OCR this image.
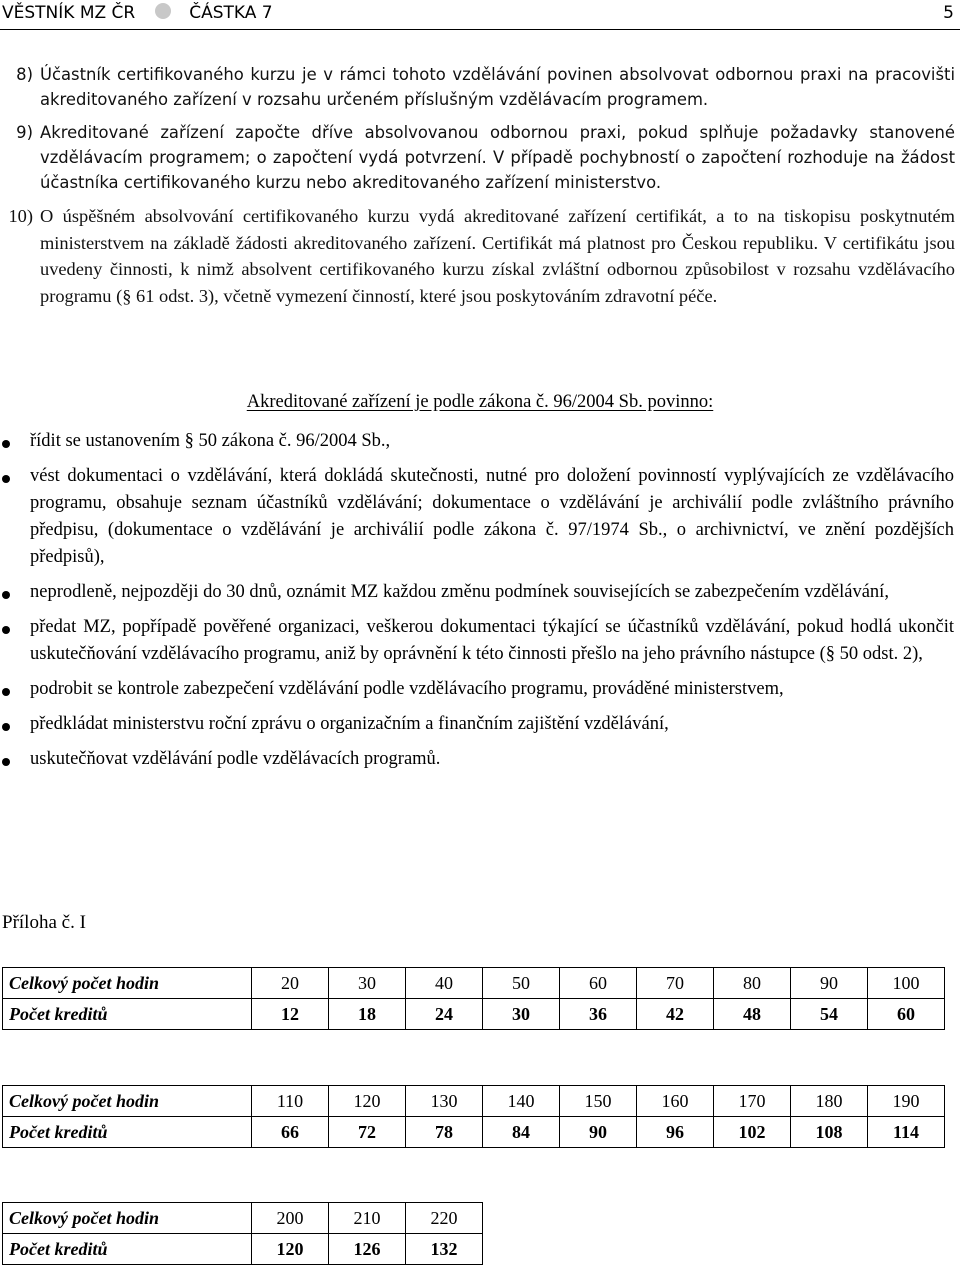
VĚSTNÍK MZ ČR	ČÁSTKA 7	5
8) Účastník certifikovaného kurzu je v rámci tohoto vzdělávání povinen absolvovat odbornou praxi na pracovišti akreditovaného zařízení v rozsahu určeném příslušným vzdělávacím programem.
9) Akreditované zařízení započte dříve absolvovanou odbornou praxi, pokud splňuje požadavky stanovené vzdělávacím programem; o započtení vydá potvrzení. V případě pochybností o započtení rozhoduje na žádost účastníka certifikovaného kurzu nebo akreditovaného zařízení ministerstvo.
10) O úspěšném absolvování certifikovaného kurzu vydá akreditované zařízení certifikát, a to na tiskopisu poskytnutém ministerstvem na základě žádosti akreditovaného zařízení. Certifikát má platnost pro Českou republiku. V certifikátu jsou uvedeny činnosti, k nimž absolvent certifikovaného kurzu získal zvláštní odbornou způsobilost v rozsahu vzdělávacího programu (§ 61 odst. 3), včetně vymezení činností, které jsou poskytováním zdravotní péče.
Akreditované zařízení je podle zákona č. 96/2004 Sb. povinno:
řídit se ustanovením § 50 zákona č. 96/2004 Sb.,
vést dokumentaci o vzdělávání, která dokládá skutečnosti, nutné pro doložení povinností vyplývajících ze vzdělávacího programu, obsahuje seznam účastníků vzdělávání; dokumentace o vzdělávání je archiválií podle zvláštního právního předpisu, (dokumentace o vzdělávání je archiválií podle zákona č. 97/1974 Sb., o archivnictví, ve znění pozdějších předpisů),
neprodleně, nejpozději do 30 dnů, oznámit MZ každou změnu podmínek souvisejících se zabezpečením vzdělávání,
předat MZ, popřípadě pověřené organizaci, veškerou dokumentaci týkající se účastníků vzdělávání, pokud hodlá ukončit uskutečňování vzdělávacího programu, aniž by oprávnění k této činnosti přešlo na jeho právního nástupce (§ 50 odst. 2),
podrobit se kontrole zabezpečení vzdělávání podle vzdělávacího programu, prováděné ministerstvem,
předkládat ministerstvu roční zprávu o organizačním a finančním zajištění vzdělávání,
uskutečňovat vzdělávání podle vzdělávacích programů.
Příloha č. I
Celkový počet hodin	20	30	40	50	60	70	80	90	100
Počet kreditů	12	18	24	30	36	42	48	54	60
Celkový počet hodin	110	120	130	140	150	160	170	180	190
Počet kreditů	66	72	78	84	90	96	102	108	114
Celkový počet hodin	200	210	220
Počet kreditů	120	126	132
